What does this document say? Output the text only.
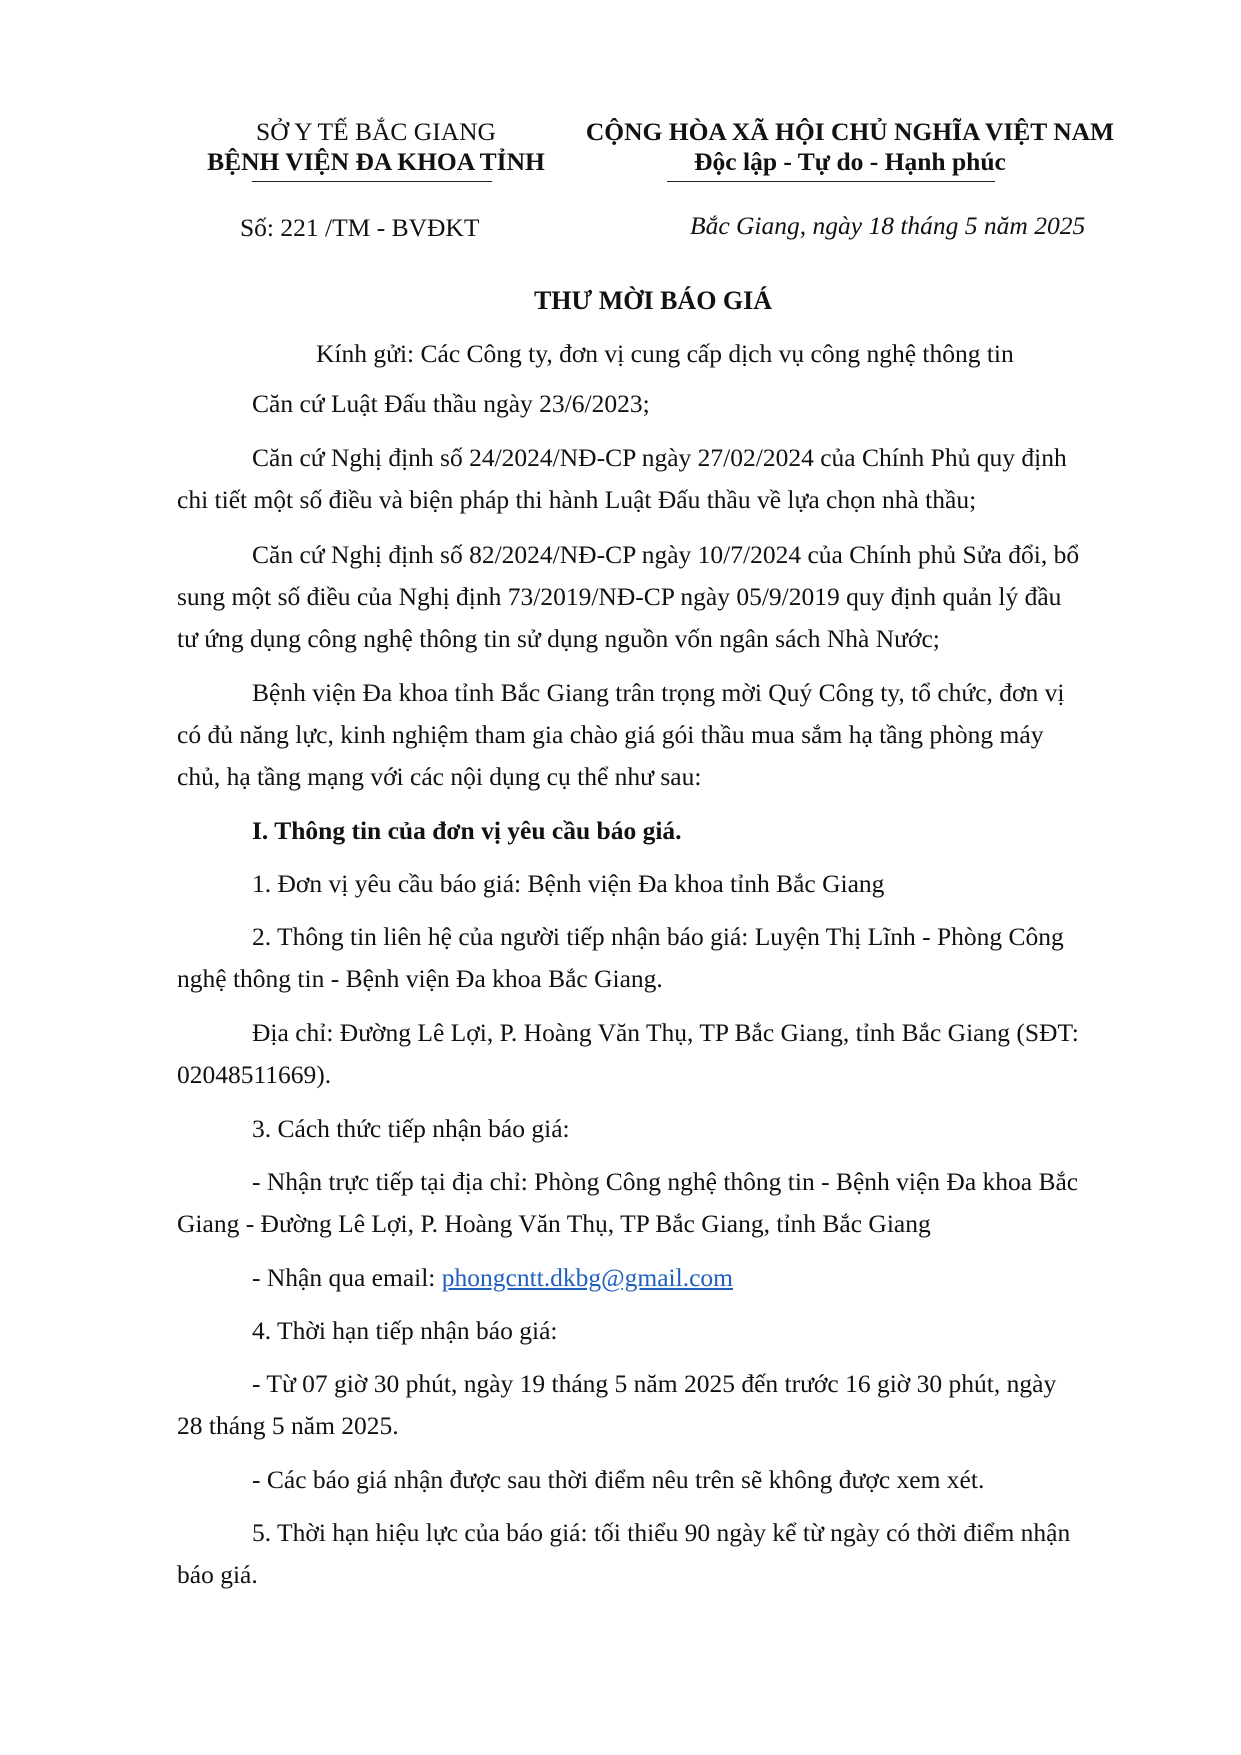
SỞ Y TẾ BẮC GIANG
BỆNH VIỆN ĐA KHOA TỈNH
CỘNG HÒA XÃ HỘI CHỦ NGHĨA VIỆT NAM
Độc lập - Tự do - Hạnh phúc
Số: 221 /TM - BVĐKT	Bắc Giang, ngày 18 tháng 5 năm 2025
THƯ MỜI BÁO GIÁ
Kính gửi: Các Công ty, đơn vị cung cấp dịch vụ công nghệ thông tin
Căn cứ Luật Đấu thầu ngày 23/6/2023;
Căn cứ Nghị định số 24/2024/NĐ-CP ngày 27/02/2024 của Chính Phủ quy định
chi tiết một số điều và biện pháp thi hành Luật Đấu thầu về lựa chọn nhà thầu;
Căn cứ Nghị định số 82/2024/NĐ-CP ngày 10/7/2024 của Chính phủ Sửa đổi, bổ
sung một số điều của Nghị định 73/2019/NĐ-CP ngày 05/9/2019 quy định quản lý đầu
tư ứng dụng công nghệ thông tin sử dụng nguồn vốn ngân sách Nhà Nước;
Bệnh viện Đa khoa tỉnh Bắc Giang trân trọng mời Quý Công ty, tổ chức, đơn vị
có đủ năng lực, kinh nghiệm tham gia chào giá gói thầu mua sắm hạ tầng phòng máy
chủ, hạ tầng mạng với các nội dụng cụ thể như sau:
I. Thông tin của đơn vị yêu cầu báo giá.
1. Đơn vị yêu cầu báo giá: Bệnh viện Đa khoa tỉnh Bắc Giang
2. Thông tin liên hệ của người tiếp nhận báo giá: Luyện Thị Lĩnh - Phòng Công
nghệ thông tin - Bệnh viện Đa khoa Bắc Giang.
Địa chỉ: Đường Lê Lợi, P. Hoàng Văn Thụ, TP Bắc Giang, tỉnh Bắc Giang (SĐT:
02048511669).
3. Cách thức tiếp nhận báo giá:
- Nhận trực tiếp tại địa chỉ: Phòng Công nghệ thông tin - Bệnh viện Đa khoa Bắc
Giang - Đường Lê Lợi, P. Hoàng Văn Thụ, TP Bắc Giang, tỉnh Bắc Giang
- Nhận qua email: phongcntt.dkbg@gmail.com
4. Thời hạn tiếp nhận báo giá:
- Từ 07 giờ 30 phút, ngày 19 tháng 5 năm 2025 đến trước 16 giờ 30 phút, ngày
28 tháng 5 năm 2025.
- Các báo giá nhận được sau thời điểm nêu trên sẽ không được xem xét.
5. Thời hạn hiệu lực của báo giá: tối thiểu 90 ngày kể từ ngày có thời điểm nhận
báo giá.
